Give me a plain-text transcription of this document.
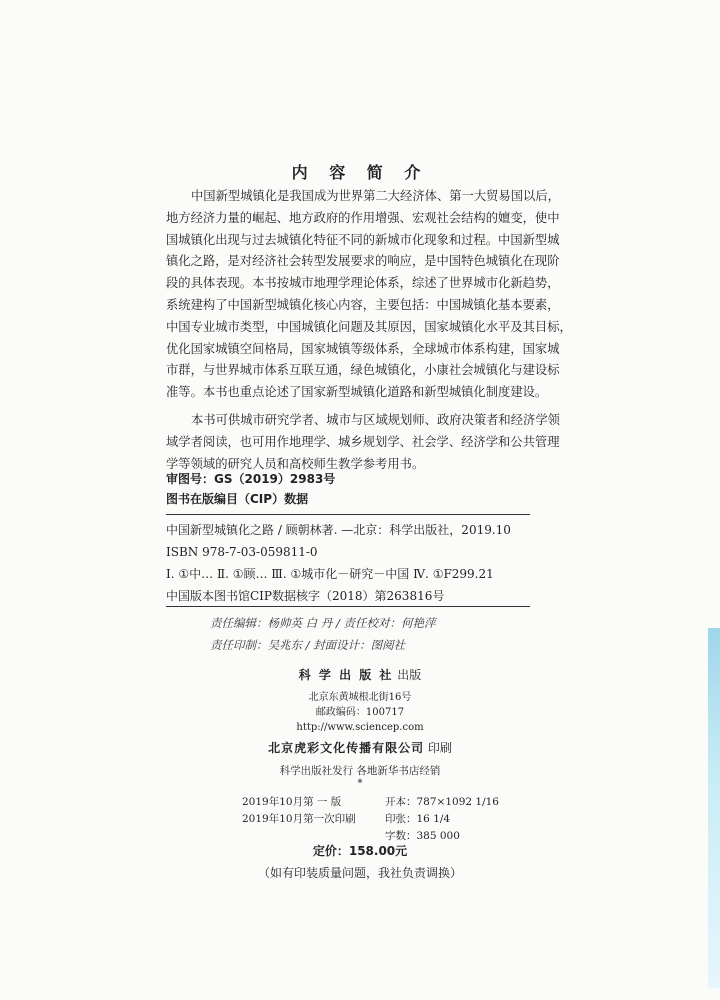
内 容 简 介
中国新型城镇化是我国成为世界第二大经济体、第一大贸易国以后，
地方经济力量的崛起、地方政府的作用增强、宏观社会结构的嬗变，使中
国城镇化出现与过去城镇化特征不同的新城市化现象和过程。中国新型城
镇化之路，是对经济社会转型发展要求的响应，是中国特色城镇化在现阶
段的具体表现。本书按城市地理学理论体系，综述了世界城市化新趋势，
系统建构了中国新型城镇化核心内容，主要包括：中国城镇化基本要素，
中国专业城市类型，中国城镇化问题及其原因，国家城镇化水平及其目标，
优化国家城镇空间格局，国家城镇等级体系，全球城市体系构建，国家城
市群，与世界城市体系互联互通，绿色城镇化，小康社会城镇化与建设标
准等。本书也重点论述了国家新型城镇化道路和新型城镇化制度建设。
本书可供城市研究学者、城市与区域规划师、政府决策者和经济学领
域学者阅读，也可用作地理学、城乡规划学、社会学、经济学和公共管理
学等领域的研究人员和高校师生教学参考用书。
审图号：GS（2019）2983号
图书在版编目（CIP）数据
中国新型城镇化之路 / 顾朝林著. —北京：科学出版社，2019.10
ISBN 978-7-03-059811-0
Ⅰ. ①中… Ⅱ. ①顾… Ⅲ. ①城市化－研究－中国 Ⅳ. ①F299.21
中国版本图书馆CIP数据核字（2018）第263816号
责任编辑：杨帅英 白 丹 / 责任校对：何艳萍
责任印制：吴兆东 / 封面设计：图阅社
科 学 出 版 社 出版
北京东黄城根北街16号
邮政编码：100717
http://www.sciencep.com
北京虎彩文化传播有限公司 印刷
科学出版社发行 各地新华书店经销
*
2019年10月第 一 版
2019年10月第一次印刷
开本：787×1092 1/16
印张：16 1/4
字数：385 000
定价：158.00元
（如有印装质量问题，我社负责调换）
